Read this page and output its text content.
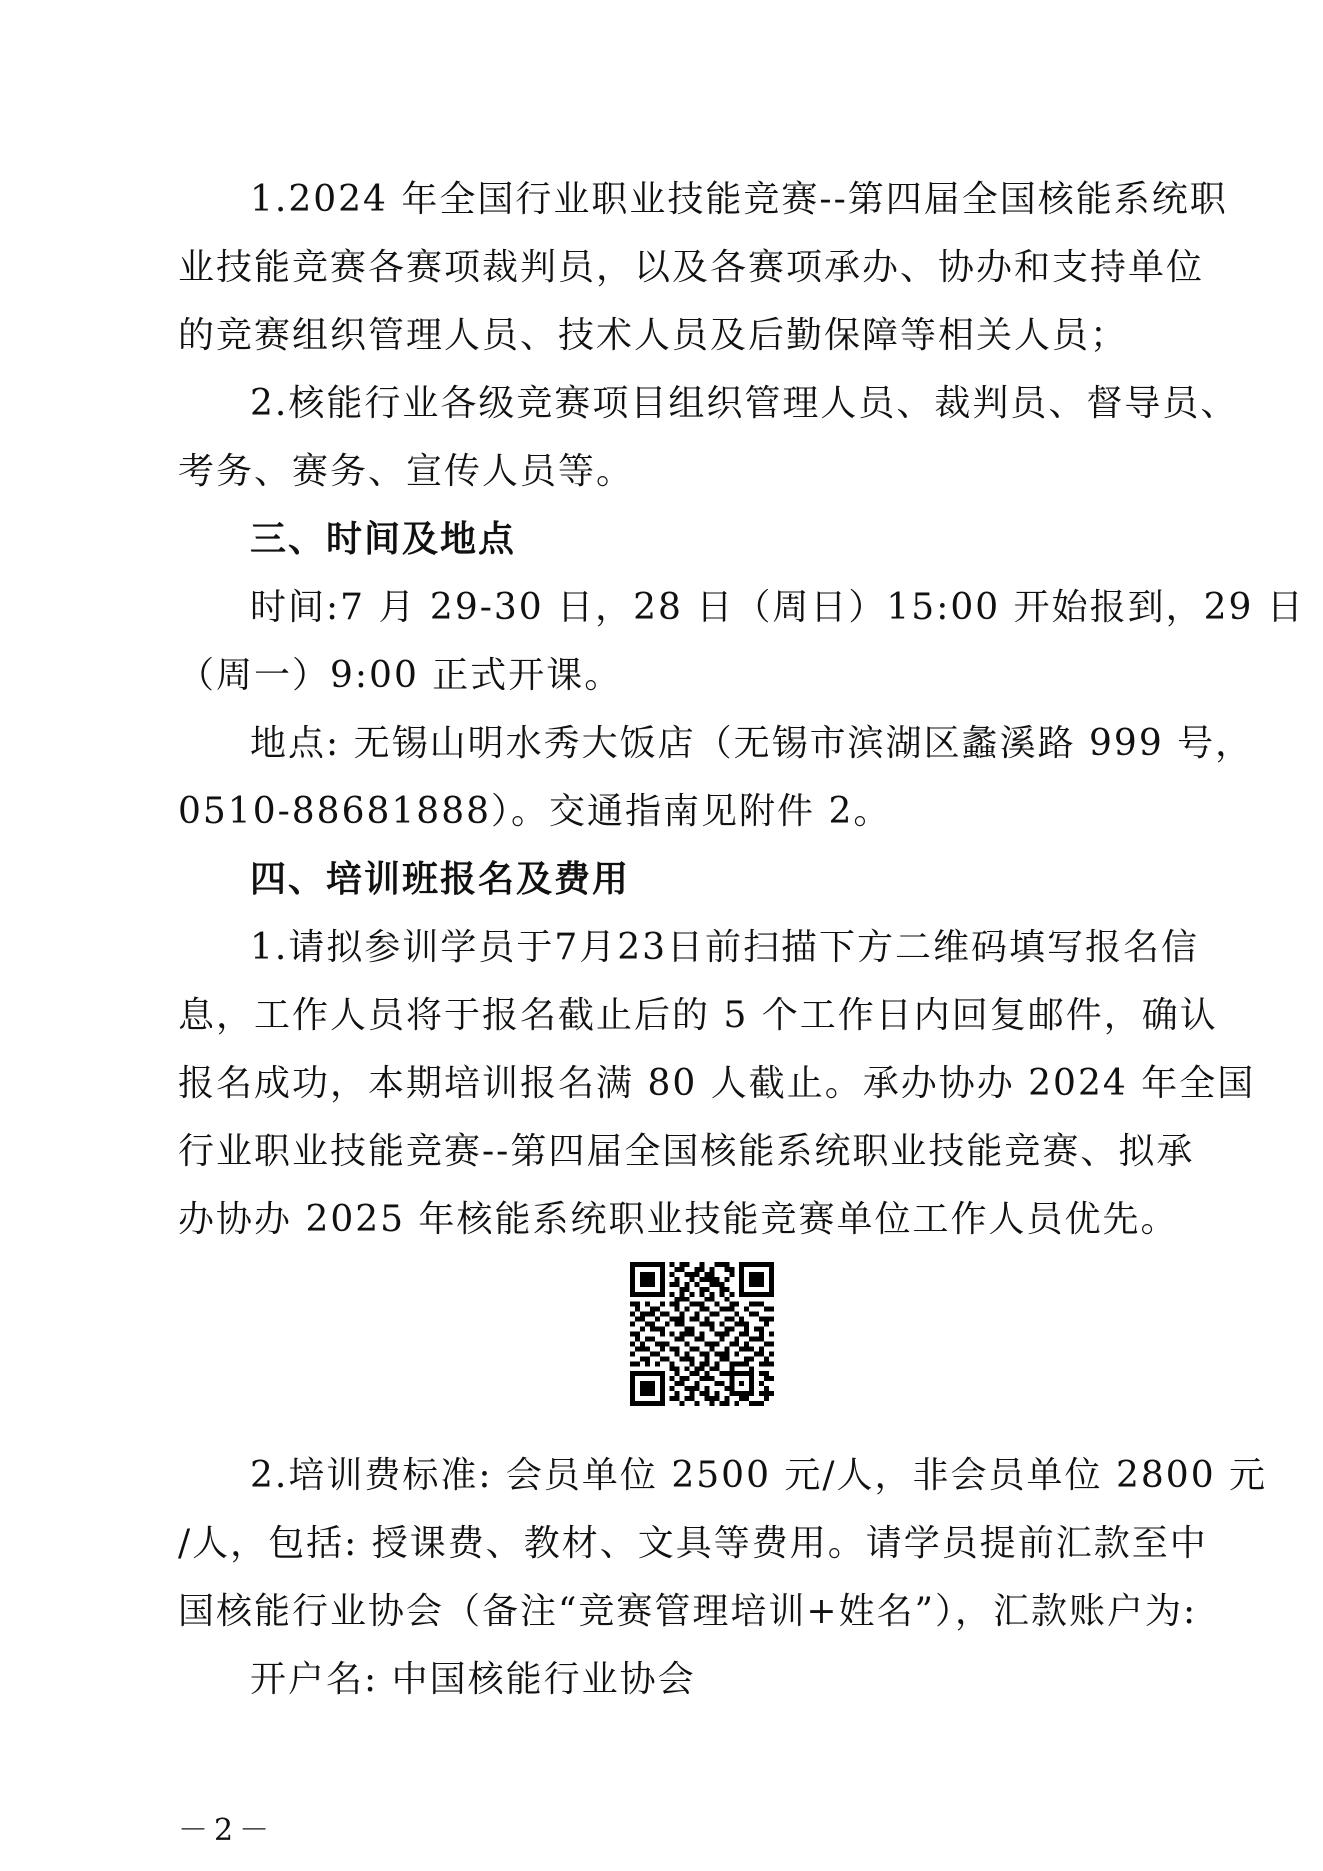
1.2024 年全国行业职业技能竞赛--第四届全国核能系统职
业技能竞赛各赛项裁判员，以及各赛项承办、协办和支持单位
的竞赛组织管理人员、技术人员及后勤保障等相关人员；
2.核能行业各级竞赛项目组织管理人员、裁判员、督导员、
考务、赛务、宣传人员等。
三、时间及地点
时间:7 月 29-30 日，28 日（周日）15:00 开始报到，29 日
（周一）9:00 正式开课。
地点: 无锡山明水秀大饭店（无锡市滨湖区蠡溪路 999 号，
0510-88681888）。交通指南见附件 2。
四、培训班报名及费用
1.请拟参训学员于7月23日前扫描下方二维码填写报名信
息，工作人员将于报名截止后的 5 个工作日内回复邮件，确认
报名成功，本期培训报名满 80 人截止。承办协办 2024 年全国
行业职业技能竞赛--第四届全国核能系统职业技能竞赛、拟承
办协办 2025 年核能系统职业技能竞赛单位工作人员优先。
2.培训费标准: 会员单位 2500 元/人，非会员单位 2800 元
/人，包括: 授课费、教材、文具等费用。请学员提前汇款至中
国核能行业协会（备注“竞赛管理培训+姓名”），汇款账户为:
开户名: 中国核能行业协会
－2－
